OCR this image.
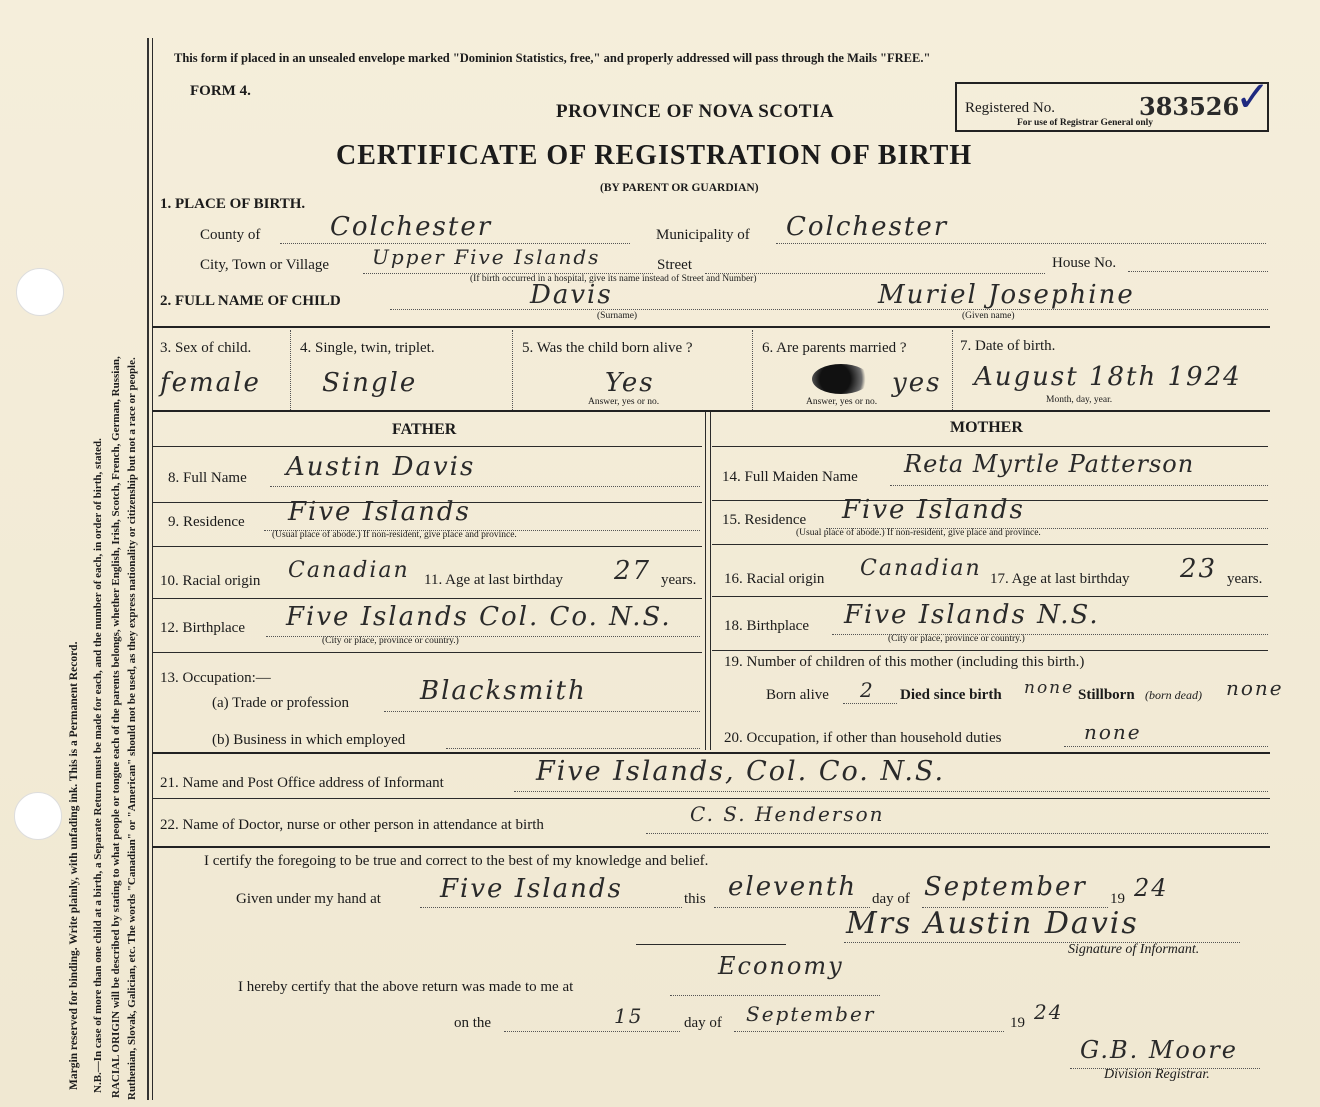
Margin reserved for binding. Write plainly, with unfading ink. This is a Permanent Record. N.B.—In case of more than one child at a birth, a Separate Return must be made for each, and the number of each, in order of birth, stated. RACIAL ORIGIN will be described by stating to what people or tongue each of the parents belongs, whether English, Irish, Scotch, French, German, Russian, Ruthenian, Slovak, Galician, etc. The words "Canadian" or "American" should not be used, as they express nationality or citizenship but not a race or people.
This form if placed in an unsealed envelope marked "Dominion Statistics, free," and properly addressed will pass through the Mails "FREE."
FORM 4.
PROVINCE OF NOVA SCOTIA
CERTIFICATE OF REGISTRATION OF BIRTH
(BY PARENT OR GUARDIAN)
Registered No.	383526
For use of Registrar General only
✓
1. PLACE OF BIRTH.
County of	Colchester	Municipality of Colchester
City, Town or Village Upper Five Islands	Street	House No.
(If birth occurred in a hospital, give its name instead of Street and Number)
2. FULL NAME OF CHILD	Davis
(Surname)
Muriel Josephine
(Given name)
3. Sex of child.
female
4. Single, twin, triplet.
Single
5. Was the child born alive ?
Yes
Answer, yes or no.
6. Are parents married ?
yes
Answer, yes or no.
7. Date of birth.
August 18th 1924
Month, day, year.
FATHER	MOTHER
8. Full Name Austin Davis
9. Residence Five Islands
(Usual place of abode.) If non-resident, give place and province.
10. Racial origin Canadian 11. Age at last birthday 27 years.
12. Birthplace Five Islands Col. Co. N.S.
(City or place, province or country.)
13. Occupation:—
(a) Trade or profession	Blacksmith
(b) Business in which employed
14. Full Maiden Name Reta Myrtle Patterson
15. Residence Five Islands
(Usual place of abode.) If non-resident, give place and province.
16. Racial origin Canadian 17. Age at last birthday 23 years.
18. Birthplace Five Islands N.S.
(City or place, province or country.)
19. Number of children of this mother (including this birth.)
Born alive 2 Died since birth none Stillborn (born dead) none
20. Occupation, if other than household duties	none
21. Name and Post Office address of Informant	Five Islands, Col. Co. N.S.
22. Name of Doctor, nurse or other person in attendance at birth	C. S. Henderson
I certify the foregoing to be true and correct to the best of my knowledge and belief.
Given under my hand at Five Islands	this eleventh day of September 19 24
Mrs Austin Davis
Signature of Informant.
I hereby certify that the above return was made to me at
Economy
on the	15	day of September	19 24
G.B. Moore
Division Registrar.
